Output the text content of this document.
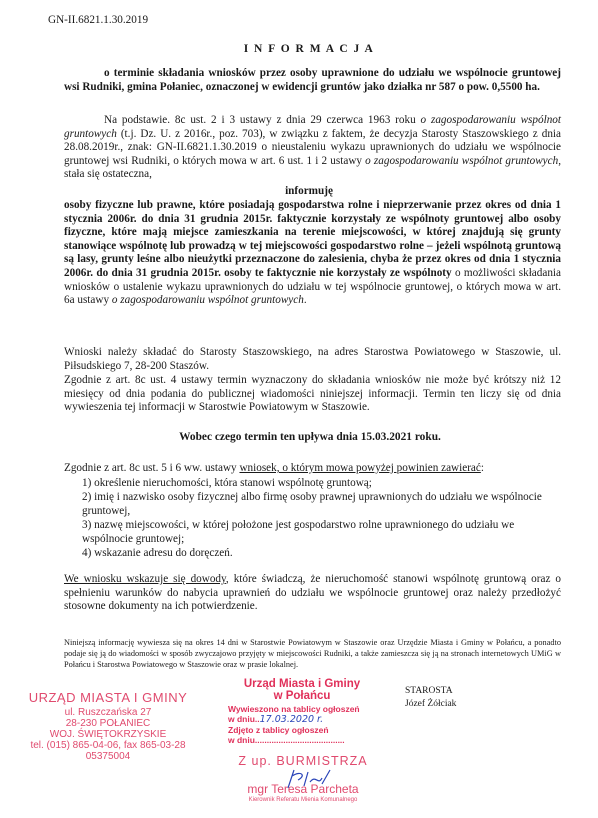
GN-II.6821.1.30.2019
I N F O R M A C J A
o terminie składania wniosków przez osoby uprawnione do udziału we wspólnocie gruntowej wsi Rudniki, gmina Połaniec, oznaczonej w ewidencji gruntów jako działka nr 587 o pow. 0,5500 ha.
Na podstawie. 8c ust. 2 i 3 ustawy z dnia 29 czerwca 1963 roku o zagospodarowaniu wspólnot gruntowych (t.j. Dz. U. z 2016r., poz. 703), w związku z faktem, że decyzja Starosty Staszowskiego z dnia 28.08.2019r., znak: GN-II.6821.1.30.2019 o nieustaleniu wykazu uprawnionych do udziału we wspólnocie gruntowej wsi Rudniki, o których mowa w art. 6 ust. 1 i 2 ustawy o zagospodarowaniu wspólnot gruntowych, stała się ostateczna,
informuję
osoby fizyczne lub prawne, które posiadają gospodarstwa rolne i nieprzerwanie przez okres od dnia 1 stycznia 2006r. do dnia 31 grudnia 2015r. faktycznie korzystały ze wspólnoty gruntowej albo osoby fizyczne, które mają miejsce zamieszkania na terenie miejscowości, w której znajdują się grunty stanowiące wspólnotę lub prowadzą w tej miejscowości gospodarstwo rolne – jeżeli wspólnotą gruntową są lasy, grunty leśne albo nieużytki przeznaczone do zalesienia, chyba że przez okres od dnia 1 stycznia 2006r. do dnia 31 grudnia 2015r. osoby te faktycznie nie korzystały ze wspólnoty o możliwości składania wniosków o ustalenie wykazu uprawnionych do udziału w tej wspólnocie gruntowej, o których mowa w art. 6a ustawy o zagospodarowaniu wspólnot gruntowych.
Wnioski należy składać do Starosty Staszowskiego, na adres Starostwa Powiatowego w Staszowie, ul. Piłsudskiego 7, 28-200 Staszów.
Zgodnie z art. 8c ust. 4 ustawy termin wyznaczony do składania wniosków nie może być krótszy niż 12 miesięcy od dnia podania do publicznej wiadomości niniejszej informacji. Termin ten liczy się od dnia wywieszenia tej informacji w Starostwie Powiatowym w Staszowie.
Wobec czego termin ten upływa dnia 15.03.2021 roku.
Zgodnie z art. 8c ust. 5 i 6 ww. ustawy wniosek, o którym mowa powyżej powinien zawierać:
1) określenie nieruchomości, która stanowi wspólnotę gruntową;
2) imię i nazwisko osoby fizycznej albo firmę osoby prawnej uprawnionych do udziału we wspólnocie gruntowej,
3) nazwę miejscowości, w której położone jest gospodarstwo rolne uprawnionego do udziału we wspólnocie gruntowej;
4) wskazanie adresu do doręczeń.
We wniosku wskazuje się dowody, które świadczą, że nieruchomość stanowi wspólnotę gruntową oraz o spełnieniu warunków do nabycia uprawnień do udziału we wspólnocie gruntowej oraz należy przedłożyć stosowne dokumenty na ich potwierdzenie.
Niniejszą informację wywiesza się na okres 14 dni w Starostwie Powiatowym w Staszowie oraz Urzędzie Miasta i Gminy w Połańcu, a ponadto podaje się ją do wiadomości w sposób zwyczajowo przyjęty w miejscowości Rudniki, a także zamieszcza się ją na stronach internetowych UMiG w Połańcu i Starostwa Powiatowego w Staszowie oraz w prasie lokalnej.
URZĄD MIASTA I GMINY
ul. Ruszczańska 27
28-230 POŁANIEC
WOJ. ŚWIĘTOKRZYSKIE
tel. (015) 865-04-06, fax 865-03-28
05375004
Urząd Miasta i Gminy
w Połańcu
Wywieszono na tablicy ogłoszeń
w dniu..17.03.2020 r.
Zdjęto z tablicy ogłoszeń
w dniu......................................
STAROSTA
Józef Żółciak
Z up. BURMISTRZA
mgr Teresa Parcheta
Kierownik Referatu Mienia Komunalnego
